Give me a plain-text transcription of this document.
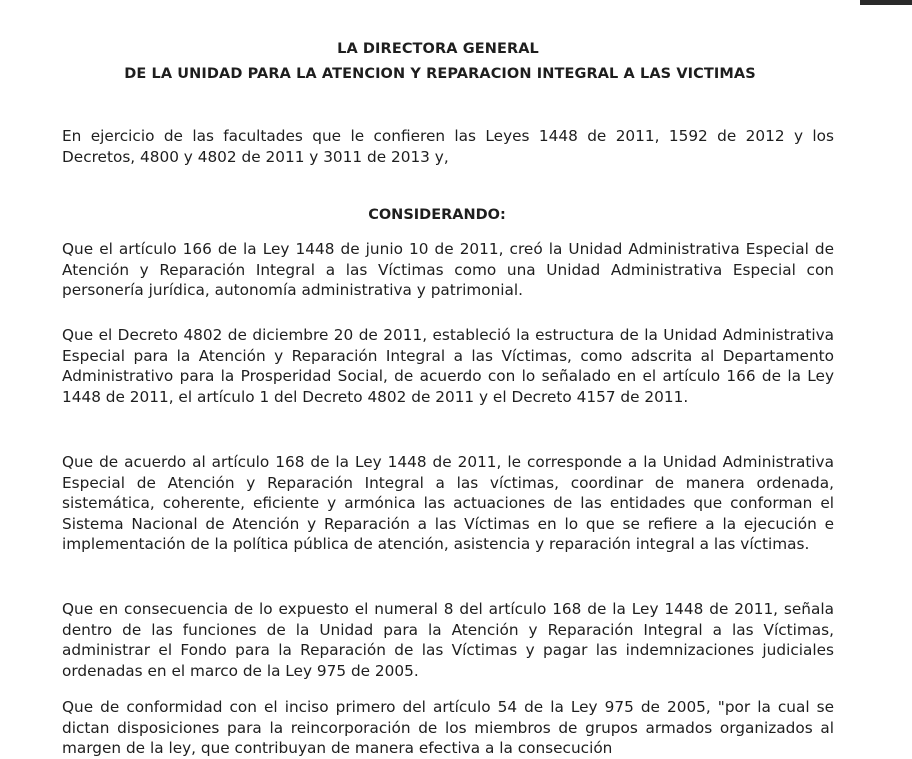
LA DIRECTORA GENERAL
DE LA UNIDAD PARA LA ATENCION Y REPARACION INTEGRAL A LAS VICTIMAS
En ejercicio de las facultades que le confieren las Leyes 1448 de 2011, 1592 de 2012 y los Decretos, 4800 y 4802 de 2011 y 3011 de 2013 y,
CONSIDERANDO:
Que el artículo 166 de la Ley 1448 de junio 10 de 2011, creó la Unidad Administrativa Especial de Atención y Reparación Integral a las Víctimas como una Unidad Administrativa Especial con personería jurídica, autonomía administrativa y patrimonial.
Que el Decreto 4802 de diciembre 20 de 2011, estableció la estructura de la Unidad Administrativa Especial para la Atención y Reparación Integral a las Víctimas, como adscrita al Departamento Administrativo para la Prosperidad Social, de acuerdo con lo señalado en el artículo 166 de la Ley 1448 de 2011, el artículo 1 del Decreto 4802 de 2011 y el Decreto 4157 de 2011.
Que de acuerdo al artículo 168 de la Ley 1448 de 2011, le corresponde a la Unidad Administrativa Especial de Atención y Reparación Integral a las víctimas, coordinar de manera ordenada, sistemática, coherente, eficiente y armónica las actuaciones de las entidades que conforman el Sistema Nacional de Atención y Reparación a las Víctimas en lo que se refiere a la ejecución e implementación de la política pública de atención, asistencia y reparación integral a las víctimas.
Que en consecuencia de lo expuesto el numeral 8 del artículo 168 de la Ley 1448 de 2011, señala dentro de las funciones de la Unidad para la Atención y Reparación Integral a las Víctimas, administrar el Fondo para la Reparación de las Víctimas y pagar las indemnizaciones judiciales ordenadas en el marco de la Ley 975 de 2005.
Que de conformidad con el inciso primero del artículo 54 de la Ley 975 de 2005, "por la cual se dictan disposiciones para la reincorporación de los miembros de grupos armados organizados al margen de la ley, que contribuyan de manera efectiva a la consecución
